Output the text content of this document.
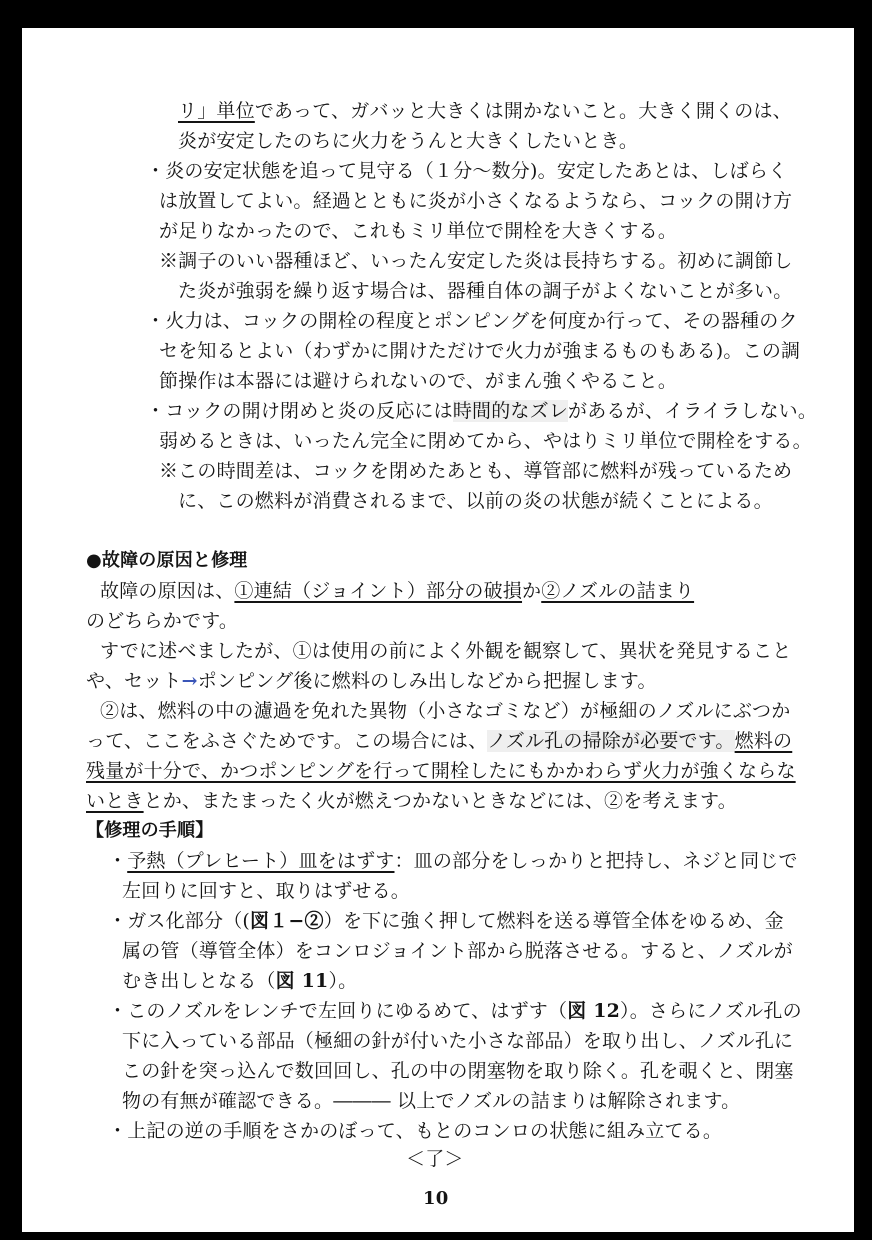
リ」単位であって、ガバッと大きくは開かないこと。大きく開くのは、
炎が安定したのちに火力をうんと大きくしたいとき。
・炎の安定状態を追って見守る（１分〜数分)。安定したあとは、しばらく
は放置してよい。経過とともに炎が小さくなるようなら、コックの開け方
が足りなかったので、これもミリ単位で開栓を大きくする。
※調子のいい器種ほど、いったん安定した炎は長持ちする。初めに調節し
た炎が強弱を繰り返す場合は、器種自体の調子がよくないことが多い。
・火力は、コックの開栓の程度とポンピングを何度か行って、その器種のク
セを知るとよい（わずかに開けただけで火力が強まるものもある)。この調
節操作は本器には避けられないので、がまん強くやること。
・コックの開け閉めと炎の反応には時間的なズレがあるが、イライラしない。
弱めるときは、いったん完全に閉めてから、やはりミリ単位で開栓をする。
※この時間差は、コックを閉めたあとも、導管部に燃料が残っているため
に、この燃料が消費されるまで、以前の炎の状態が続くことによる。
●故障の原因と修理
故障の原因は、①連結（ジョイント）部分の破損か②ノズルの詰まり
のどちらかです。
すでに述べましたが、①は使用の前によく外観を観察して、異状を発見すること
や、セット→ポンピング後に燃料のしみ出しなどから把握します。
②は、燃料の中の濾過を免れた異物（小さなゴミなど）が極細のノズルにぶつか
って、ここをふさぐためです。この場合には、ノズル孔の掃除が必要です。燃料の
残量が十分で、かつポンピングを行って開栓したにもかかわらず火力が強くならな
いときとか、またまったく火が燃えつかないときなどには、②を考えます。
【修理の手順】
・予熱（プレヒート）皿をはずす：皿の部分をしっかりと把持し、ネジと同じで
左回りに回すと、取りはずせる。
・ガス化部分（(図１−②）を下に強く押して燃料を送る導管全体をゆるめ、金
属の管（導管全体）をコンロジョイント部から脱落させる。すると、ノズルが
むき出しとなる（図 11）。
・このノズルをレンチで左回りにゆるめて、はずす（図 12）。さらにノズル孔の
下に入っている部品（極細の針が付いた小さな部品）を取り出し、ノズル孔に
この針を突っ込んで数回回し、孔の中の閉塞物を取り除く。孔を覗くと、閉塞
物の有無が確認できる。――― 以上でノズルの詰まりは解除されます。
・上記の逆の手順をさかのぼって、もとのコンロの状態に組み立てる。
＜了＞
10
